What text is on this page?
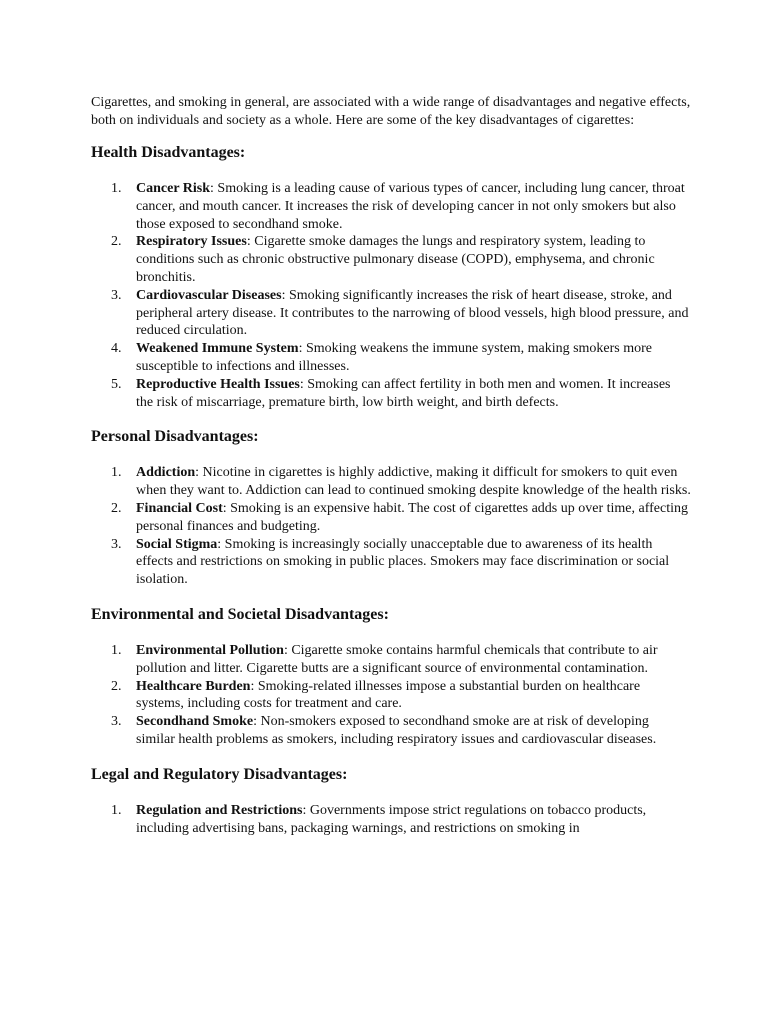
Cigarettes, and smoking in general, are associated with a wide range of disadvantages and negative effects, both on individuals and society as a whole. Here are some of the key disadvantages of cigarettes:

Health Disadvantages:
1. Cancer Risk: Smoking is a leading cause of various types of cancer, including lung cancer, throat cancer, and mouth cancer. It increases the risk of developing cancer in not only smokers but also those exposed to secondhand smoke.
2. Respiratory Issues: Cigarette smoke damages the lungs and respiratory system, leading to conditions such as chronic obstructive pulmonary disease (COPD), emphysema, and chronic bronchitis.
3. Cardiovascular Diseases: Smoking significantly increases the risk of heart disease, stroke, and peripheral artery disease. It contributes to the narrowing of blood vessels, high blood pressure, and reduced circulation.
4. Weakened Immune System: Smoking weakens the immune system, making smokers more susceptible to infections and illnesses.
5. Reproductive Health Issues: Smoking can affect fertility in both men and women. It increases the risk of miscarriage, premature birth, low birth weight, and birth defects.
Personal Disadvantages:
1. Addiction: Nicotine in cigarettes is highly addictive, making it difficult for smokers to quit even when they want to. Addiction can lead to continued smoking despite knowledge of the health risks.
2. Financial Cost: Smoking is an expensive habit. The cost of cigarettes adds up over time, affecting personal finances and budgeting.
3. Social Stigma: Smoking is increasingly socially unacceptable due to awareness of its health effects and restrictions on smoking in public places. Smokers may face discrimination or social isolation.
Environmental and Societal Disadvantages:
1. Environmental Pollution: Cigarette smoke contains harmful chemicals that contribute to air pollution and litter. Cigarette butts are a significant source of environmental contamination.
2. Healthcare Burden: Smoking-related illnesses impose a substantial burden on healthcare systems, including costs for treatment and care.
3. Secondhand Smoke: Non-smokers exposed to secondhand smoke are at risk of developing similar health problems as smokers, including respiratory issues and cardiovascular diseases.
Legal and Regulatory Disadvantages:
1. Regulation and Restrictions: Governments impose strict regulations on tobacco products, including advertising bans, packaging warnings, and restrictions on smoking in
